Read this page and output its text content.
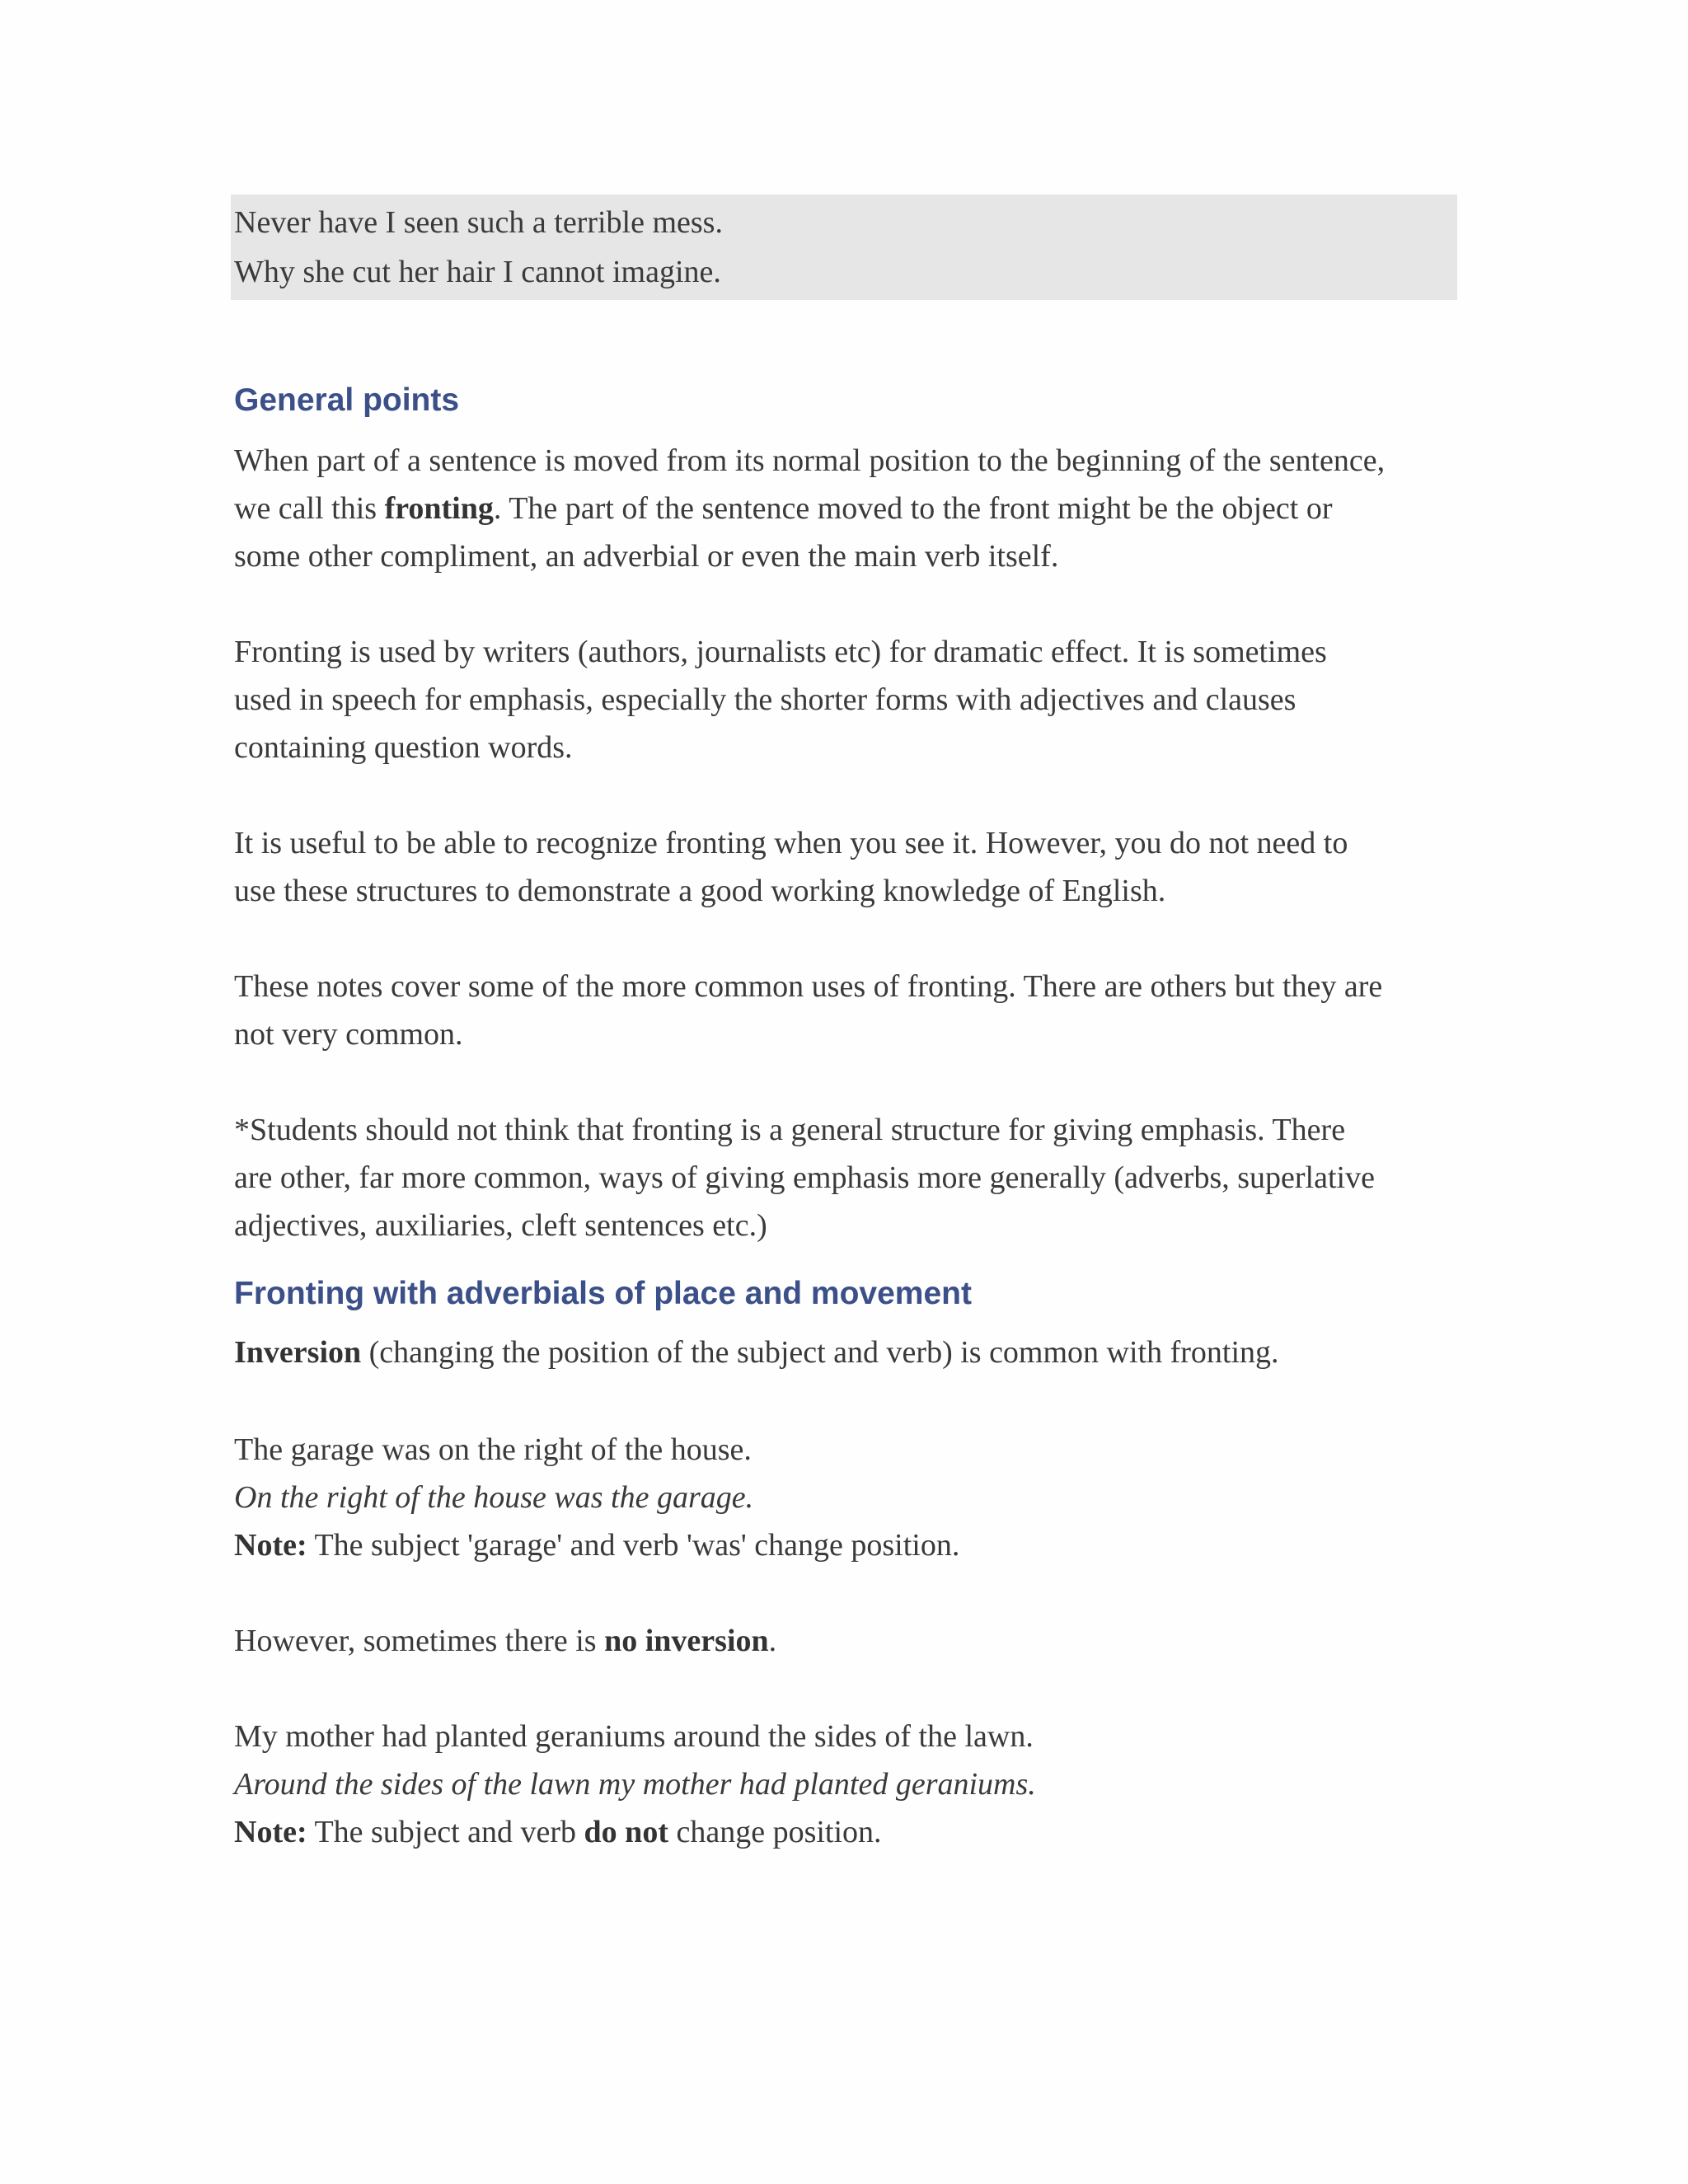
Never have I seen such a terrible mess.
Why she cut her hair I cannot imagine.
General points

When part of a sentence is moved from its normal position to the beginning of the sentence,
we call this fronting. The part of the sentence moved to the front might be the object or
some other compliment, an adverbial or even the main verb itself.

Fronting is used by writers (authors, journalists etc) for dramatic effect. It is sometimes
used in speech for emphasis, especially the shorter forms with adjectives and clauses
containing question words.

It is useful to be able to recognize fronting when you see it. However, you do not need to
use these structures to demonstrate a good working knowledge of English.

These notes cover some of the more common uses of fronting. There are others but they are
not very common.

*Students should not think that fronting is a general structure for giving emphasis. There
are other, far more common, ways of giving emphasis more generally (adverbs, superlative
adjectives, auxiliaries, cleft sentences etc.)

Fronting with adverbials of place and movement

Inversion (changing the position of the subject and verb) is common with fronting.

The garage was on the right of the house.
On the right of the house was the garage.
Note: The subject 'garage' and verb 'was' change position.

However, sometimes there is no inversion.

My mother had planted geraniums around the sides of the lawn.
Around the sides of the lawn my mother had planted geraniums.
Note: The subject and verb do not change position.
